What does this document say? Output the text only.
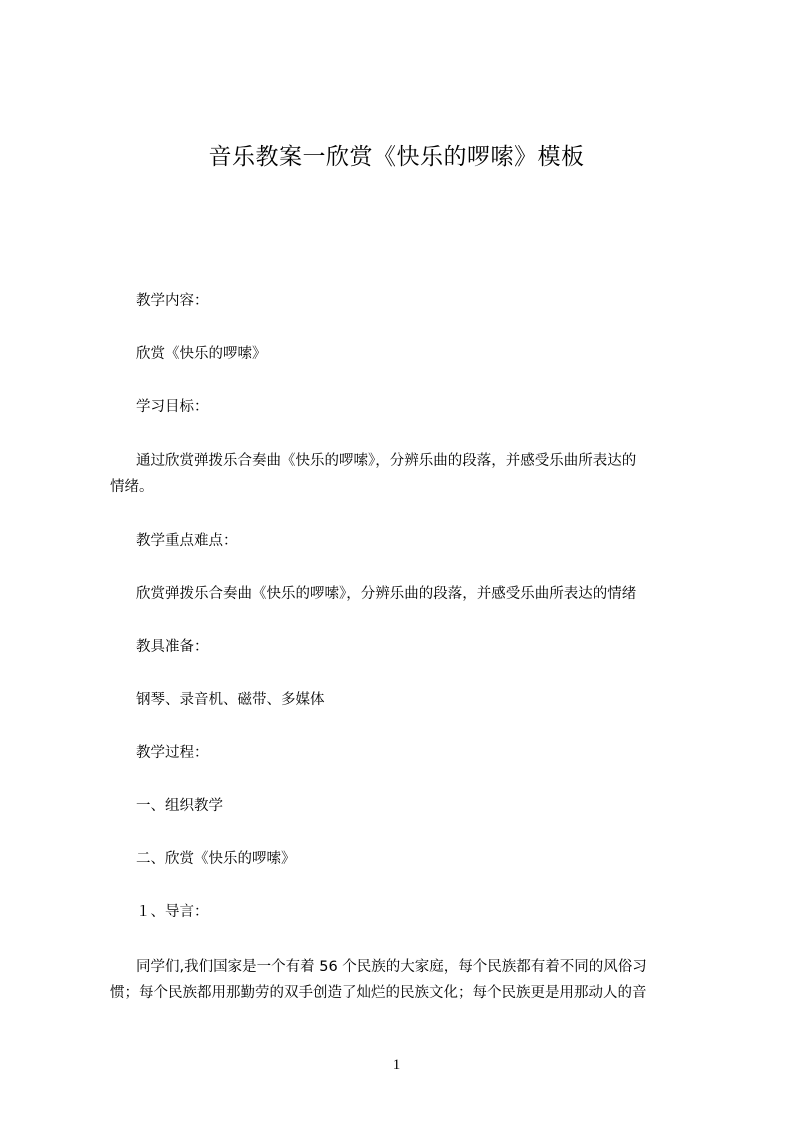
音乐教案一欣赏《快乐的啰嗦》模板
教学内容：
欣赏《快乐的啰嗦》
学习目标：
通过欣赏弹拨乐合奏曲《快乐的啰嗦》，分辨乐曲的段落，并感受乐曲所表达的
情绪。
教学重点难点：
欣赏弹拨乐合奏曲《快乐的啰嗦》，分辨乐曲的段落，并感受乐曲所表达的情绪
教具准备：
钢琴、录音机、磁带、多媒体
教学过程：
一、组织教学
二、欣赏《快乐的啰嗦》
１、导言：
同学们,我们国家是一个有着 56 个民族的大家庭，每个民族都有着不同的风俗习
惯；每个民族都用那勤劳的双手创造了灿烂的民族文化；每个民族更是用那动人的音
1
